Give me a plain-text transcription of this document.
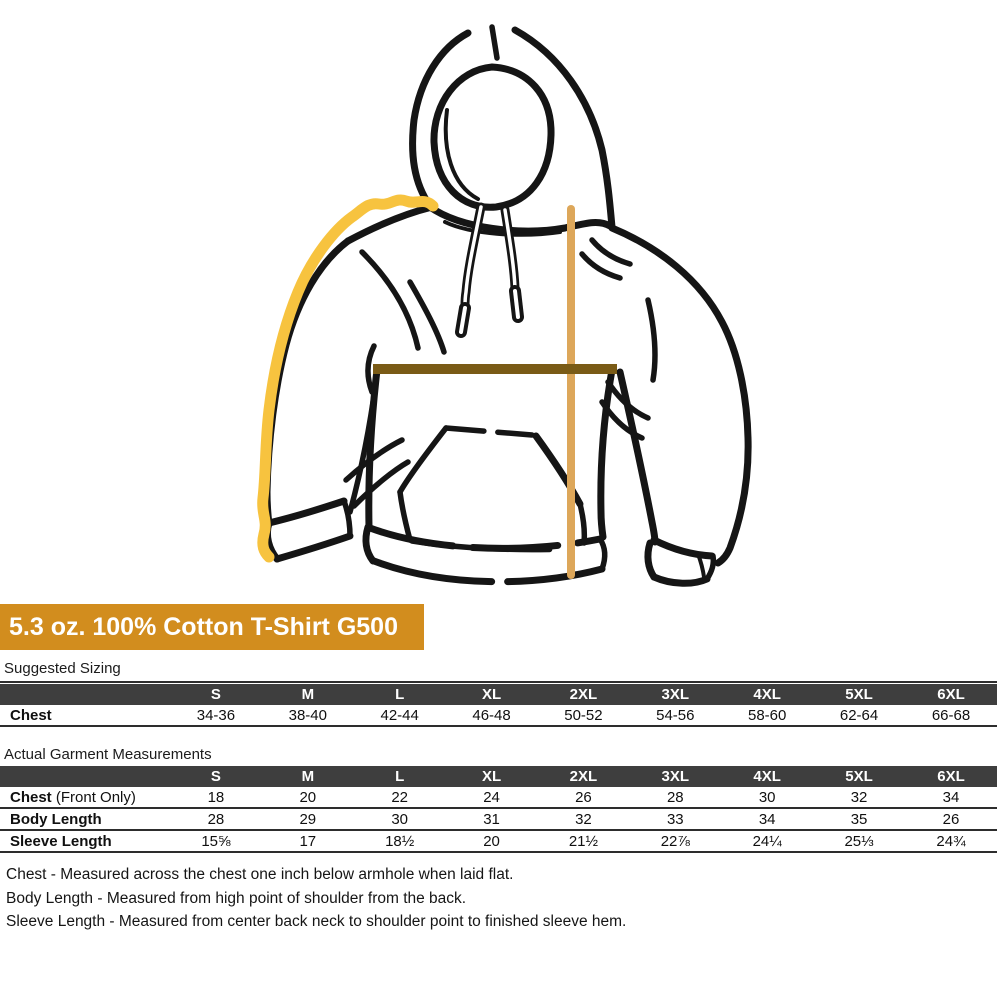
5.3 oz. 100% Cotton T-Shirt G500
Suggested Sizing
	S	M	L	XL	2XL	3XL	4XL	5XL	6XL
Chest	34-36	38-40	42-44	46-48	50-52	54-56	58-60	62-64	66-68
Actual Garment Measurements
	S	M	L	XL	2XL	3XL	4XL	5XL	6XL
Chest (Front Only)	18	20	22	24	26	28	30	32	34
Body Length	28	29	30	31	32	33	34	35	26
Sleeve Length	15⅝	17	18½	20	21½	22⅞	24¼	25⅓	24¾

Chest - Measured across the chest one inch below armhole when laid flat.

Body Length - Measured from high point of shoulder from the back.

Sleeve Length - Measured from center back neck to shoulder point to finished sleeve hem.
